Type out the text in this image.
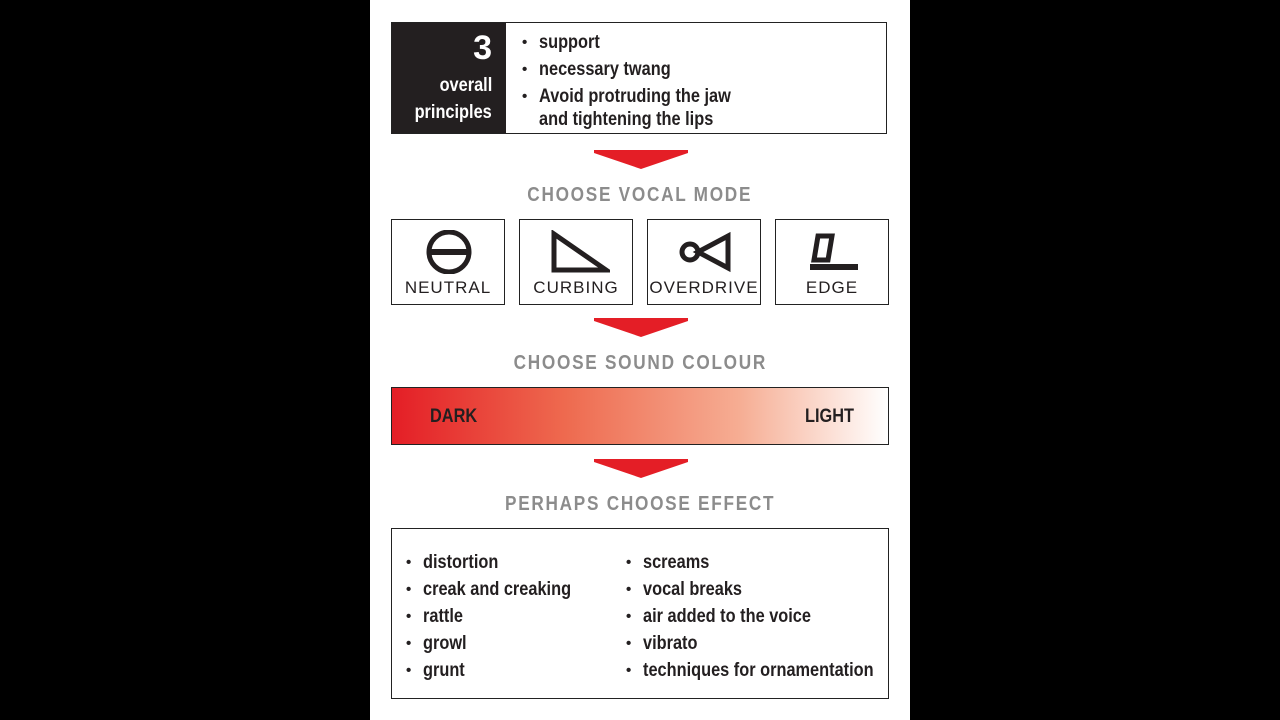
3
overall
principles
• support
• necessary twang
• Avoid protruding the jaw
and tightening the lips
CHOOSE VOCAL MODE
NEUTRAL	CURBING	OVERDRIVE	EDGE
CHOOSE SOUND COLOUR
DARK	LIGHT
PERHAPS CHOOSE EFFECT
• distortion
• creak and creaking
• rattle
• growl
• grunt
• screams
• vocal breaks
• air added to the voice
• vibrato
• techniques for ornamentation
